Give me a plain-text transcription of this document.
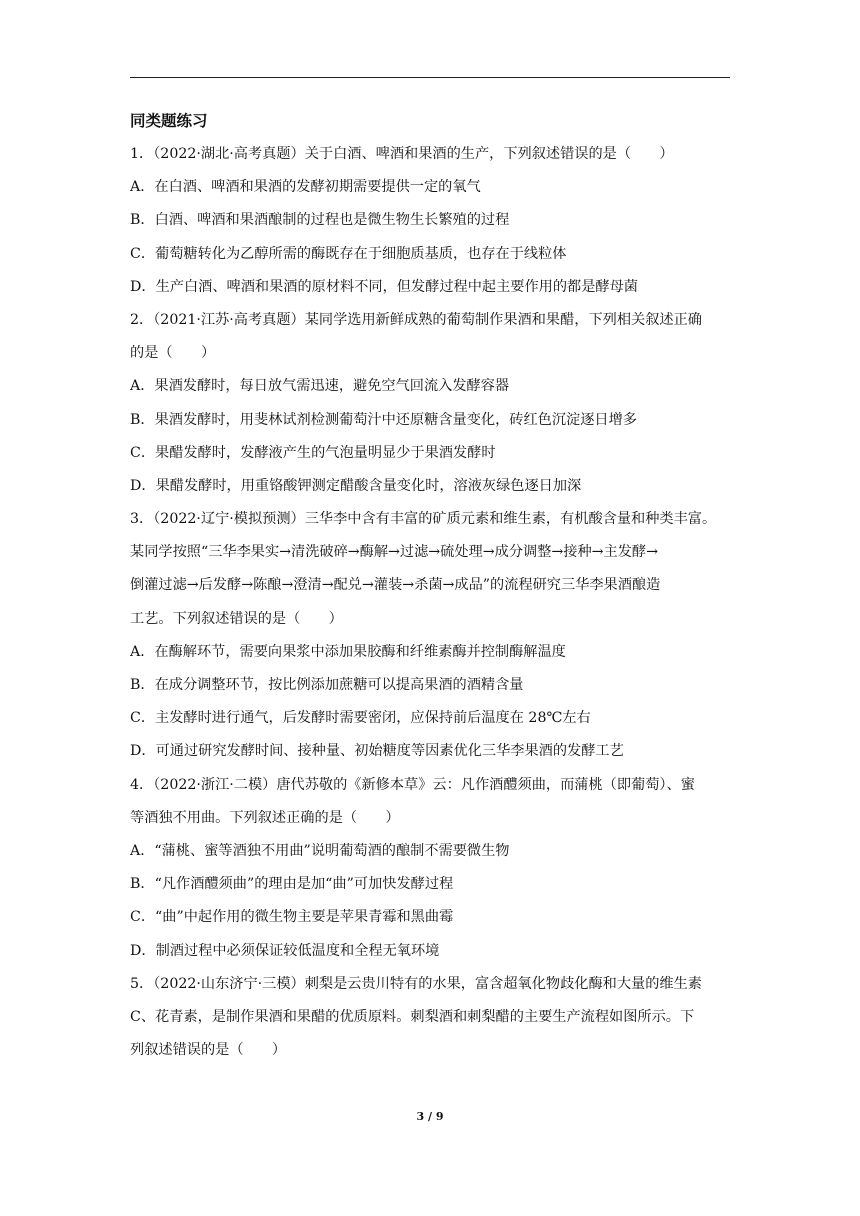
同类题练习
1．（2022·湖北·高考真题）关于白酒、啤酒和果酒的生产，下列叙述错误的是（　　）
A．在白酒、啤酒和果酒的发酵初期需要提供一定的氧气
B．白酒、啤酒和果酒酿制的过程也是微生物生长繁殖的过程
C．葡萄糖转化为乙醇所需的酶既存在于细胞质基质，也存在于线粒体
D．生产白酒、啤酒和果酒的原材料不同，但发酵过程中起主要作用的都是酵母菌
2．（2021·江苏·高考真题）某同学选用新鲜成熟的葡萄制作果酒和果醋，下列相关叙述正确
的是（　　）
A．果酒发酵时，每日放气需迅速，避免空气回流入发酵容器
B．果酒发酵时，用斐林试剂检测葡萄汁中还原糖含量变化，砖红色沉淀逐日增多
C．果醋发酵时，发酵液产生的气泡量明显少于果酒发酵时
D．果醋发酵时，用重铬酸钾测定醋酸含量变化时，溶液灰绿色逐日加深
3．（2022·辽宁·模拟预测）三华李中含有丰富的矿质元素和维生素，有机酸含量和种类丰富。
某同学按照“三华李果实→清洗破碎→酶解→过滤→硫处理→成分调整→接种→主发酵→
倒灌过滤→后发酵→陈酿→澄清→配兑→灌装→杀菌→成品”的流程研究三华李果酒酿造
工艺。下列叙述错误的是（　　）
A．在酶解环节，需要向果浆中添加果胶酶和纤维素酶并控制酶解温度
B．在成分调整环节，按比例添加蔗糖可以提高果酒的酒精含量
C．主发酵时进行通气，后发酵时需要密闭，应保持前后温度在 28℃左右
D．可通过研究发酵时间、接种量、初始糖度等因素优化三华李果酒的发酵工艺
4．（2022·浙江·二模）唐代苏敬的《新修本草》云：凡作酒醴须曲，而蒲桃（即葡萄）、蜜
等酒独不用曲。下列叙述正确的是（　　）
A．“蒲桃、蜜等酒独不用曲”说明葡萄酒的酿制不需要微生物
B．“凡作酒醴须曲”的理由是加“曲”可加快发酵过程
C．“曲”中起作用的微生物主要是苹果青霉和黑曲霉
D．制酒过程中必须保证较低温度和全程无氧环境
5．（2022·山东济宁·三模）刺梨是云贵川特有的水果，富含超氧化物歧化酶和大量的维生素
C、花青素，是制作果酒和果醋的优质原料。刺梨酒和刺梨醋的主要生产流程如图所示。下
列叙述错误的是（　　）
3 / 9
